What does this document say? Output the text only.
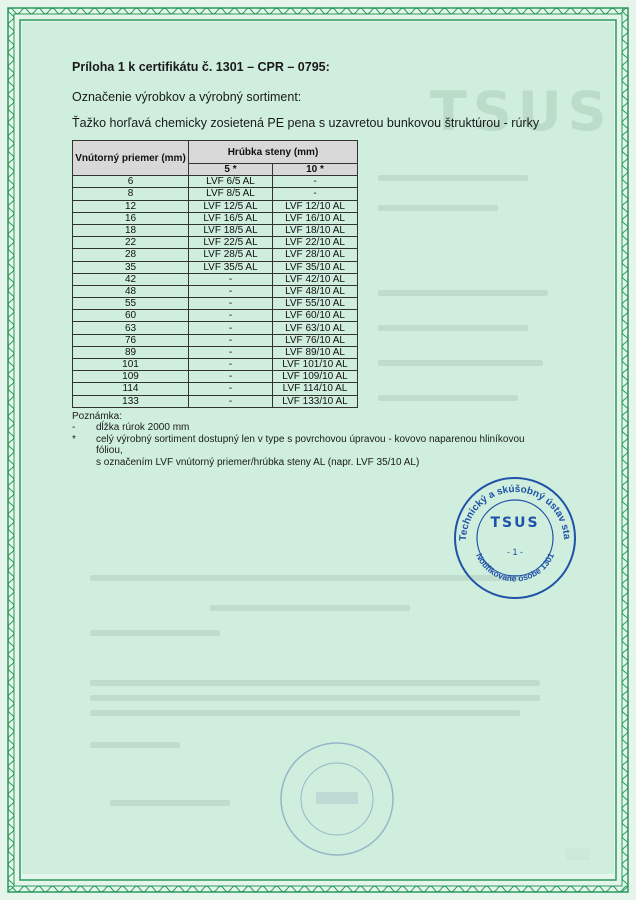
TSUS

Príloha 1 k certifikátu č. 1301 – CPR – 0795:

Označenie výrobkov a výrobný sortiment:
Ťažko horľavá chemicky zosietená PE pena s uzavretou bunkovou štruktúrou - rúrky
Vnútorný priemer (mm)	Hrúbka steny (mm)	
	5 *	10 *
6	LVF 6/5 AL	-
8	LVF 8/5 AL	-
12	LVF 12/5 AL	LVF 12/10 AL
16	LVF 16/5 AL	LVF 16/10 AL
18	LVF 18/5 AL	LVF 18/10 AL
22	LVF 22/5 AL	LVF 22/10 AL
28	LVF 28/5 AL	LVF 28/10 AL
35	LVF 35/5 AL	LVF 35/10 AL
42	-	LVF 42/10 AL
48	-	LVF 48/10 AL
55	-	LVF 55/10 AL
60	-	LVF 60/10 AL
63	-	LVF 63/10 AL
76	-	LVF 76/10 AL
89	-	LVF 89/10 AL
101	-	LVF 101/10 AL
109	-	LVF 109/10 AL
114	-	LVF 114/10 AL
133	-	LVF 133/10 AL
Poznámka:
-	dĺžka rúrok 2000 mm
*	celý výrobný sortiment dostupný len v type s povrchovou úpravou - kovovo naparenou hliníkovou fóliou,
s označením LVF vnútorný priemer/hrúbka steny AL (napr. LVF 35/10 AL)
Technický a skúšobný ústav sta
Notifikované osobe 1301
TSUS
- 1 -
░░░░
